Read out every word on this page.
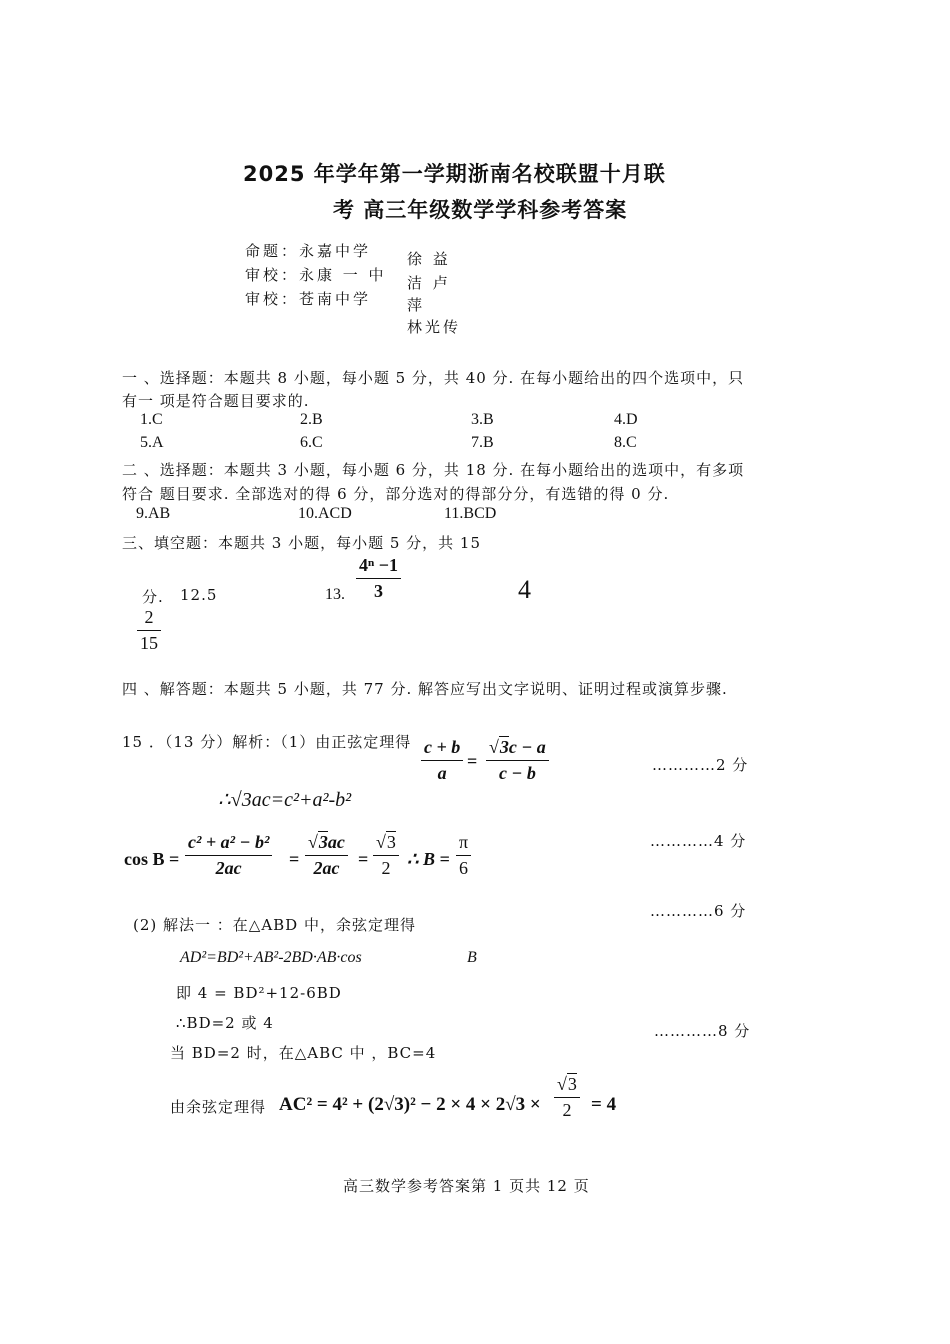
2025 年学年第一学期浙南名校联盟十月联
考 高三年级数学学科参考答案
命题：永嘉中学
审校：永康 一 中
审校：苍南中学
徐 益
洁 卢
萍
林光传
一 、选择题：本题共 8 小题，每小题 5 分，共 40 分. 在每小题给出的四个选项中，只
有一 项是符合题目要求的.
1.C	2.B	3.B	4.D
5.A	6.C	7.B	8.C
二 、选择题：本题共 3 小题，每小题 6 分，共 18 分. 在每小题给出的选项中，有多项
符合 题目要求. 全部选对的得 6 分，部分选对的得部分分，有选错的得 0 分.
9.AB	10.ACD	11.BCD
三、填空题：本题共 3 小题，每小题 5 分，共 15
分. 12.5	13.
4ⁿ −1
3	4
2
15
四 、解答题：本题共 5 小题，共 77 分. 解答应写出文字说明、证明过程或演算步骤.
15 ．（13 分）解析：（1）由正弦定理得 c + b
a
=
√3c − a
c − b	…………2 分
∴√3ac=c²+a²-b²
cos B =
c² + a² − b²
2ac	=
√3ac
2ac =
√3
2 ∴ B =
π
6
…………4 分
(2) 解法一 ：在△ABD 中，余弦定理得
…………6 分
AD²=BD²+AB²-2BD·AB·cos	B
即 4 = BD²+12-6BD
∴BD=2 或 4	…………8 分
当 BD=2 时，在△ABC 中 ，BC=4
由余弦定理得 AC² = 4² + (2√3)² − 2 × 4 × 2√3 ×
√3
2 = 4
高三数学参考答案第 1 页共 12 页
